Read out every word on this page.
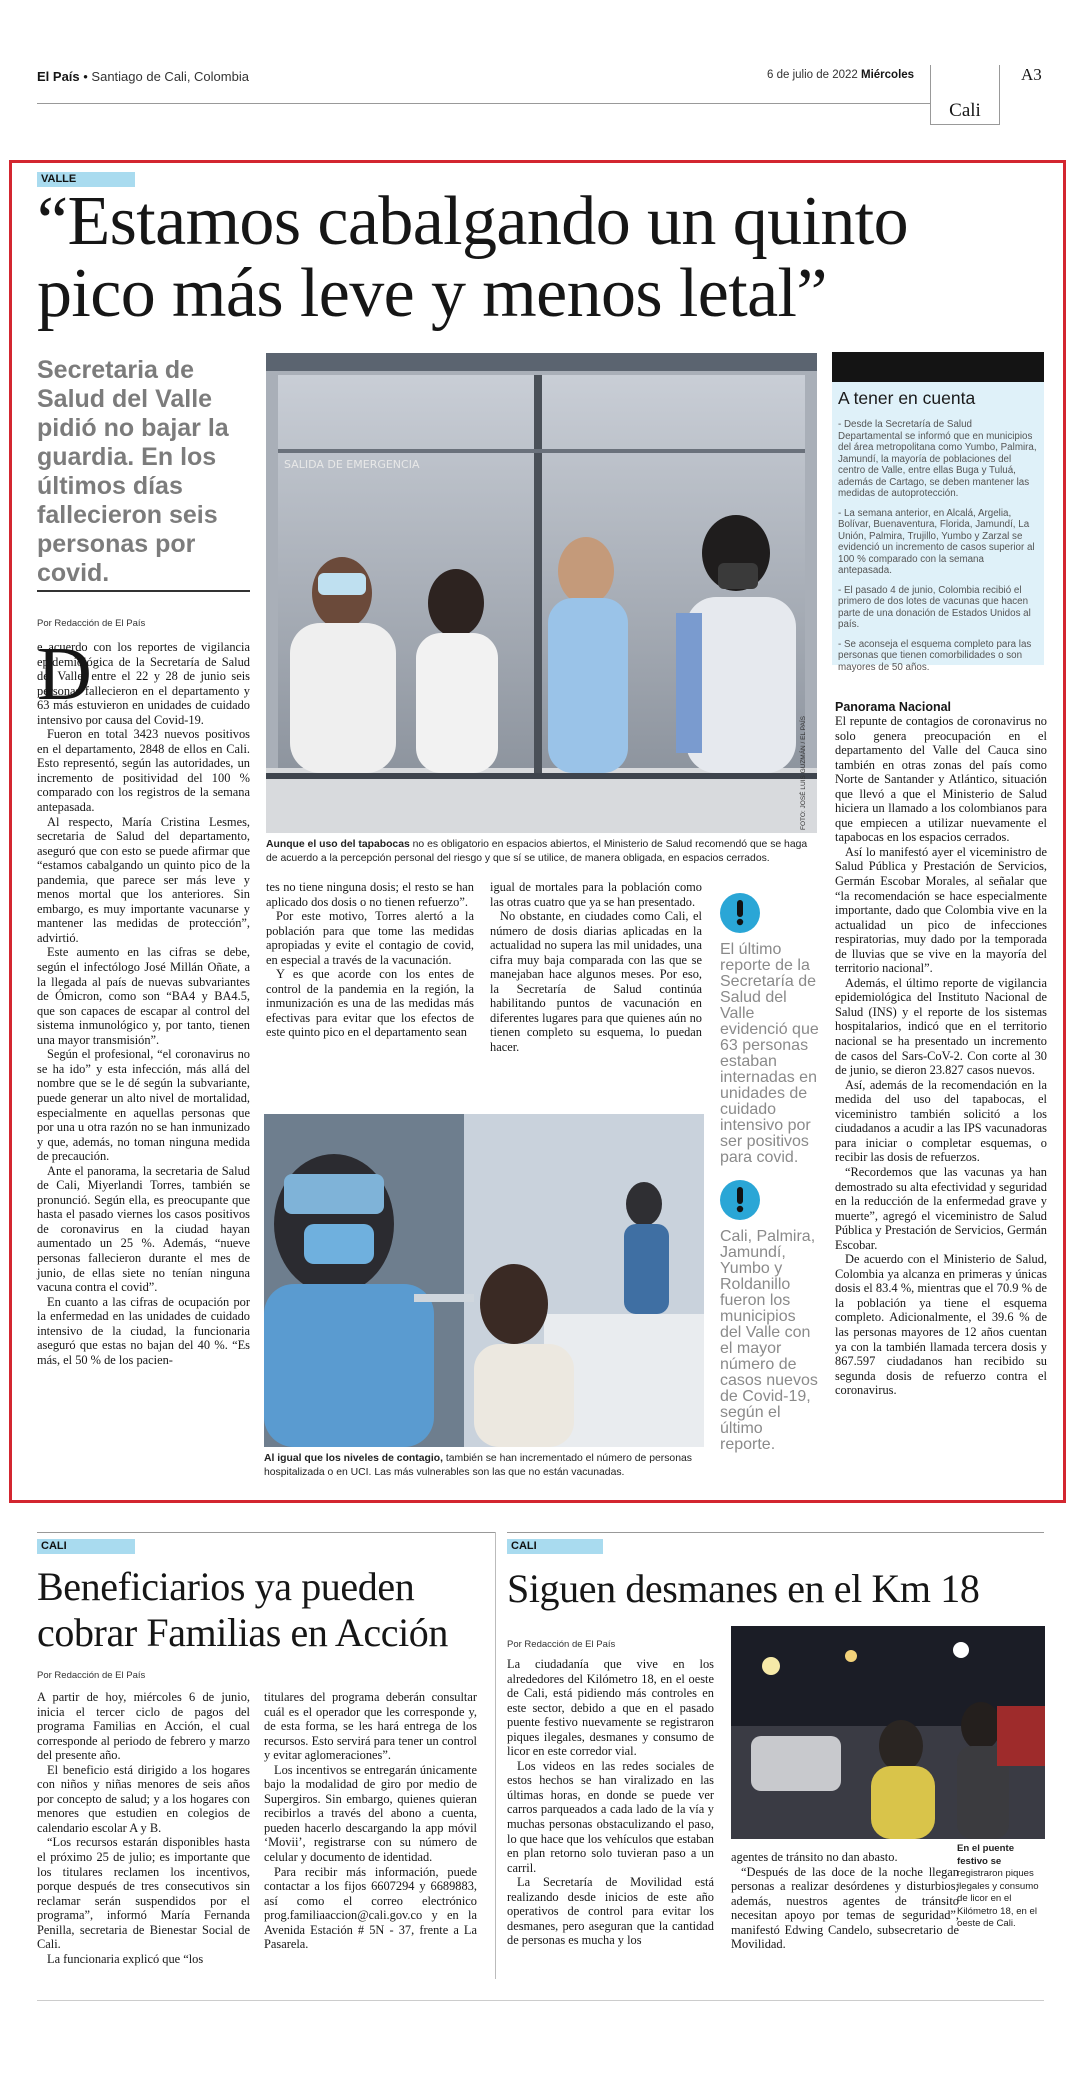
El País • Santiago de Cali, Colombia	6 de julio de 2022 Miércoles
Cali
A3
VALLE
“Estamos cabalgando un quinto
pico más leve y menos letal”
Secretaria de Salud del Valle pidió no bajar la guardia. En los últimos días fallecieron seis personas por covid.
Por Redacción de El País
SALIDA DE EMERGENCIA
FOTO: JOSÉ LUIS GUZMÁN / EL PAÍS
Aunque el uso del tapabocas no es obligatorio en espacios abiertos, el Ministerio de Salud recomendó que se haga de acuerdo a la percepción personal del riesgo y que sí se utilice, de manera obligada, en espacios cerrados.
D

e acuerdo con los reportes de vigilancia epidemiológica de la Secretaría de Salud del Valle, entre el 22 y 28 de junio seis personas fallecieron en el departamento y 63 más estuvieron en unidades de cuidado intensivo por causa del Covid-19.

Fueron en total 3423 nuevos positivos en el departamento, 2848 de ellos en Cali. Esto representó, según las autoridades, un incremento de positividad del 100 % comparado con los registros de la semana antepasada.

Al respecto, María Cristina Lesmes, secretaria de Salud del departamento, aseguró que con esto se puede afirmar que “estamos cabalgando un quinto pico de la pandemia, que parece ser más leve y menos mortal que los anteriores. Sin embargo, es muy importante vacunarse y mantener las medidas de protección”, advirtió.

Este aumento en las cifras se debe, según el infectólogo José Millán Oñate, a la llegada al país de nuevas subvariantes de Ómicron, como son “BA4 y BA4.5, que son capaces de escapar al control del sistema inmunológico y, por tanto, tienen una mayor transmisión”.

Según el profesional, “el coronavirus no se ha ido” y esta infección, más allá del nombre que se le dé según la subvariante, puede generar un alto nivel de mortalidad, especialmente en aquellas personas que por una u otra razón no se han inmunizado y que, además, no toman ninguna medida de precaución.

Ante el panorama, la secretaria de Salud de Cali, Miyerlandi Torres, también se pronunció. Según ella, es preocupante que hasta el pasado viernes los casos positivos de coronavirus en la ciudad hayan aumentado un 25 %. Además, “nueve personas fallecieron durante el mes de junio, de ellas siete no tenían ninguna vacuna contra el covid”.

En cuanto a las cifras de ocupación por la enfermedad en las unidades de cuidado intensivo de la ciudad, la funcionaria aseguró que estas no bajan del 40 %. “Es más, el 50 % de los pacien-

tes no tiene ninguna dosis; el resto se han aplicado dos dosis o no tienen refuerzo”.

Por este motivo, Torres alertó a la población para que tome las medidas apropiadas y evite el contagio de covid, en especial a través de la vacunación.

Y es que acorde con los entes de control de la pandemia en la región, la inmunización es una de las medidas más efectivas para evitar que los efectos de este quinto pico en el departamento sean

igual de mortales para la población como las otras cuatro que ya se han presentado.

No obstante, en ciudades como Cali, el número de dosis diarias aplicadas en la actualidad no supera las mil unidades, una cifra muy baja comparada con las que se manejaban hace algunos meses. Por eso, la Secretaría de Salud continúa habilitando puntos de vacunación en diferentes lugares para que quienes aún no tienen completo su esquema, lo puedan hacer.

Al igual que los niveles de contagio, también se han incrementado el número de personas hospitalizada o en UCI. Las más vulnerables son las que no están vacunadas.
El último reporte de la Secretaría de Salud del Valle evidenció que 63 personas estaban internadas en unidades de cuidado intensivo por ser positivos para covid.
Cali, Palmira, Jamundí, Yumbo y Roldanillo fueron los municipios del Valle con el mayor número de casos nuevos de Covid-19, según el último reporte.
A tener en cuenta
- Desde la Secretaría de Salud Departamental se informó que en municipios del área metropolitana como Yumbo, Palmira, Jamundí, la mayoría de poblaciones del centro de Valle, entre ellas Buga y Tuluá, además de Cartago, se deben mantener las medidas de autoprotección.
- La semana anterior, en Alcalá, Argelia, Bolívar, Buenaventura, Florida, Jamundí, La Unión, Palmira, Trujillo, Yumbo y Zarzal se evidenció un incremento de casos superior al 100 % comparado con la semana antepasada.
- El pasado 4 de junio, Colombia recibió el primero de dos lotes de vacunas que hacen parte de una donación de Estados Unidos al país.
- Se aconseja el esquema completo para las personas que tienen comorbilidades o son mayores de 50 años.
Panorama Nacional

El repunte de contagios de coronavirus no solo genera preocupación en el departamento del Valle del Cauca sino también en otras zonas del país como Norte de Santander y Atlántico, situación que llevó a que el Ministerio de Salud hiciera un llamado a los colombianos para que empiecen a utilizar nuevamente el tapabocas en los espacios cerrados.

Así lo manifestó ayer el viceministro de Salud Pública y Prestación de Servicios, Germán Escobar Morales, al señalar que “la recomendación se hace especialmente importante, dado que Colombia vive en la actualidad un pico de infecciones respiratorias, muy dado por la temporada de lluvias que se vive en la mayoría del territorio nacional”.

Además, el último reporte de vigilancia epidemiológica del Instituto Nacional de Salud (INS) y el reporte de los sistemas hospitalarios, indicó que en el territorio nacional se ha presentado un incremento de casos del Sars-CoV-2. Con corte al 30 de junio, se dieron 23.827 casos nuevos.

Así, además de la recomendación en la medida del uso del tapabocas, el viceministro también solicitó a los ciudadanos a acudir a las IPS vacunadoras para iniciar o completar esquemas, o recibir las dosis de refuerzos.

“Recordemos que las vacunas ya han demostrado su alta efectividad y seguridad en la reducción de la enfermedad grave y muerte”, agregó el viceministro de Salud Pública y Prestación de Servicios, Germán Escobar.

De acuerdo con el Ministerio de Salud, Colombia ya alcanza en primeras y únicas dosis el 83.4 %, mientras que el 70.9 % de la población ya tiene el esquema completo. Adicionalmente, el 39.6 % de las personas mayores de 12 años cuentan ya con la también llamada tercera dosis y 867.597 ciudadanos han recibido su segunda dosis de refuerzo contra el coronavirus.

CALI
Beneficiarios ya pueden
cobrar Familias en Acción
Por Redacción de El País

A partir de hoy, miércoles 6 de junio, inicia el tercer ciclo de pagos del programa Familias en Acción, el cual corresponde al periodo de febrero y marzo del presente año.

El beneficio está dirigido a los hogares con niños y niñas menores de seis años por concepto de salud; y a los hogares con menores que estudien en colegios de calendario escolar A y B.

“Los recursos estarán disponibles hasta el próximo 25 de julio; es importante que los titulares reclamen los incentivos, porque después de tres consecutivos sin reclamar serán suspendidos por el programa”, informó María Fernanda Penilla, secretaria de Bienestar Social de Cali.

La funcionaria explicó que “los

titulares del programa deberán consultar cuál es el operador que les corresponde y, de esta forma, se les hará entrega de los recursos. Esto servirá para tener un control y evitar aglomeraciones”.

Los incentivos se entregarán únicamente bajo la modalidad de giro por medio de Supergiros. Sin embargo, quienes quieran recibirlos a través del abono a cuenta, pueden hacerlo descargando la app móvil ‘Movii’, registrarse con su número de celular y documento de identidad.

Para recibir más información, puede contactar a los fijos 6607294 y 6689883, así como el correo electrónico prog.familiaaccion@cali.gov.co y en la Avenida Estación # 5N - 37, frente a La Pasarela.

CALI
Siguen desmanes en el Km 18
Por Redacción de El País

La ciudadanía que vive en los alrededores del Kilómetro 18, en el oeste de Cali, está pidiendo más controles en este sector, debido a que en el pasado puente festivo nuevamente se registraron piques ilegales, desmanes y consumo de licor en este corredor vial.

Los videos en las redes sociales de estos hechos se han viralizado en las últimas horas, en donde se puede ver carros parqueados a cada lado de la vía y muchas personas obstaculizando el paso, lo que hace que los vehículos que estaban en plan retorno solo tuvieran paso a un carril.

La Secretaría de Movilidad está realizando desde inicios de este año operativos de control para evitar los desmanes, pero aseguran que la cantidad de personas es mucha y los

agentes de tránsito no dan abasto.

“Después de las doce de la noche llegan personas a realizar desórdenes y disturbios; además, nuestros agentes de tránsito necesitan apoyo por temas de seguridad”, manifestó Edwing Candelo, subsecretario de Movilidad.

En el puente festivo se registraron piques ilegales y consumo de licor en el Kilómetro 18, en el oeste de Cali.
